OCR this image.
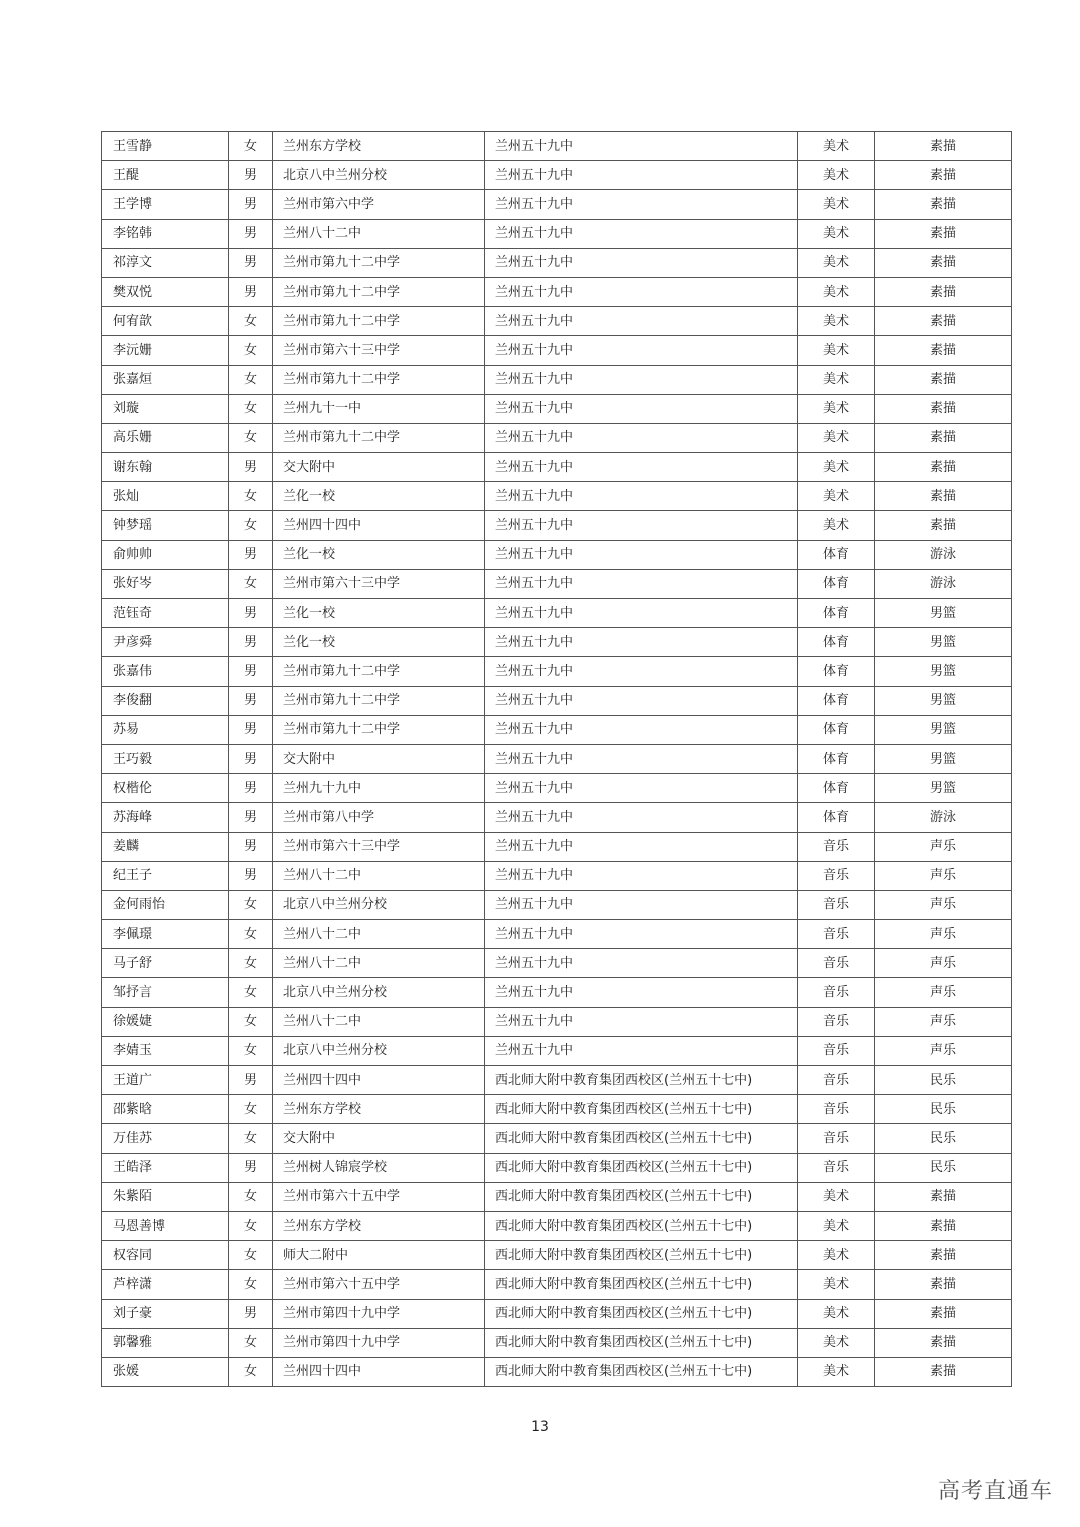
王雪静	女	兰州东方学校	兰州五十九中	美术	素描
王醍	男	北京八中兰州分校	兰州五十九中	美术	素描
王学博	男	兰州市第六中学	兰州五十九中	美术	素描
李铭韩	男	兰州八十二中	兰州五十九中	美术	素描
祁淳文	男	兰州市第九十二中学	兰州五十九中	美术	素描
樊双悦	男	兰州市第九十二中学	兰州五十九中	美术	素描
何宥歆	女	兰州市第九十二中学	兰州五十九中	美术	素描
李沅姗	女	兰州市第六十三中学	兰州五十九中	美术	素描
张嘉烜	女	兰州市第九十二中学	兰州五十九中	美术	素描
刘璇	女	兰州九十一中	兰州五十九中	美术	素描
高乐姗	女	兰州市第九十二中学	兰州五十九中	美术	素描
谢东翰	男	交大附中	兰州五十九中	美术	素描
张灿	女	兰化一校	兰州五十九中	美术	素描
钟梦瑶	女	兰州四十四中	兰州五十九中	美术	素描
俞帅帅	男	兰化一校	兰州五十九中	体育	游泳
张好岑	女	兰州市第六十三中学	兰州五十九中	体育	游泳
范钰奇	男	兰化一校	兰州五十九中	体育	男篮
尹彦舜	男	兰化一校	兰州五十九中	体育	男篮
张嘉伟	男	兰州市第九十二中学	兰州五十九中	体育	男篮
李俊翻	男	兰州市第九十二中学	兰州五十九中	体育	男篮
苏易	男	兰州市第九十二中学	兰州五十九中	体育	男篮
王巧毅	男	交大附中	兰州五十九中	体育	男篮
权楷伦	男	兰州九十九中	兰州五十九中	体育	男篮
苏海峰	男	兰州市第八中学	兰州五十九中	体育	游泳
姜麟	男	兰州市第六十三中学	兰州五十九中	音乐	声乐
纪王子	男	兰州八十二中	兰州五十九中	音乐	声乐
金何雨怡	女	北京八中兰州分校	兰州五十九中	音乐	声乐
李佩璟	女	兰州八十二中	兰州五十九中	音乐	声乐
马子舒	女	兰州八十二中	兰州五十九中	音乐	声乐
邹抒言	女	北京八中兰州分校	兰州五十九中	音乐	声乐
徐媛婕	女	兰州八十二中	兰州五十九中	音乐	声乐
李婧玉	女	北京八中兰州分校	兰州五十九中	音乐	声乐
王道广	男	兰州四十四中	西北师大附中教育集团西校区(兰州五十七中)	音乐	民乐
邵紫晗	女	兰州东方学校	西北师大附中教育集团西校区(兰州五十七中)	音乐	民乐
万佳苏	女	交大附中	西北师大附中教育集团西校区(兰州五十七中)	音乐	民乐
王皓泽	男	兰州树人锦宸学校	西北师大附中教育集团西校区(兰州五十七中)	音乐	民乐
朱紫陌	女	兰州市第六十五中学	西北师大附中教育集团西校区(兰州五十七中)	美术	素描
马恩善博	女	兰州东方学校	西北师大附中教育集团西校区(兰州五十七中)	美术	素描
权容同	女	师大二附中	西北师大附中教育集团西校区(兰州五十七中)	美术	素描
芦梓潇	女	兰州市第六十五中学	西北师大附中教育集团西校区(兰州五十七中)	美术	素描
刘子豪	男	兰州市第四十九中学	西北师大附中教育集团西校区(兰州五十七中)	美术	素描
郭馨雅	女	兰州市第四十九中学	西北师大附中教育集团西校区(兰州五十七中)	美术	素描
张媛	女	兰州四十四中	西北师大附中教育集团西校区(兰州五十七中)	美术	素描
13
高考直通车
